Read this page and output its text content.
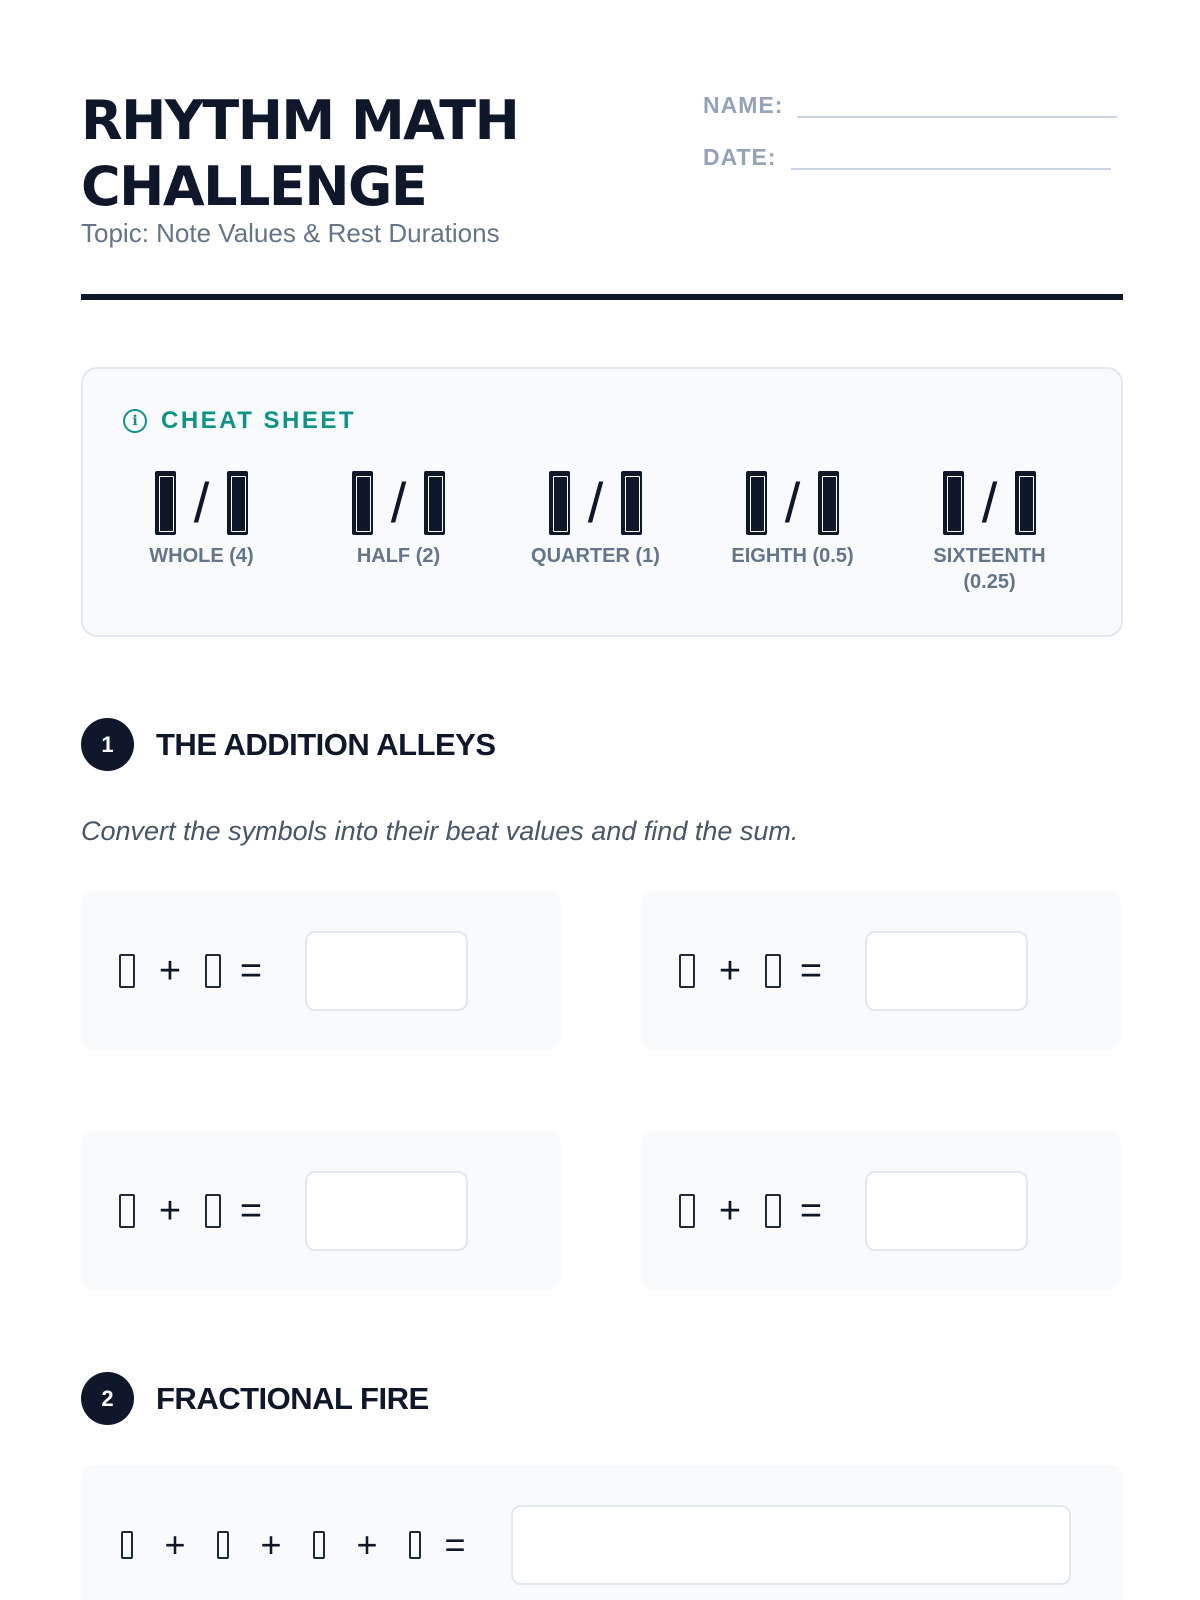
RHYTHM MATH
CHALLENGE
Topic: Note Values & Rest Durations
NAME:
DATE:
i CHEAT SHEET
/
WHOLE (4)
/
HALF (2)
/
QUARTER (1)
/
EIGHTH (0.5)
/
SIXTEENTH (0.25)
1	THE ADDITION ALLEYS
Convert the symbols into their beat values and find the sum.
+	=	+	=
+	=	+	=
2	FRACTIONAL FIRE
+	+	+	=
